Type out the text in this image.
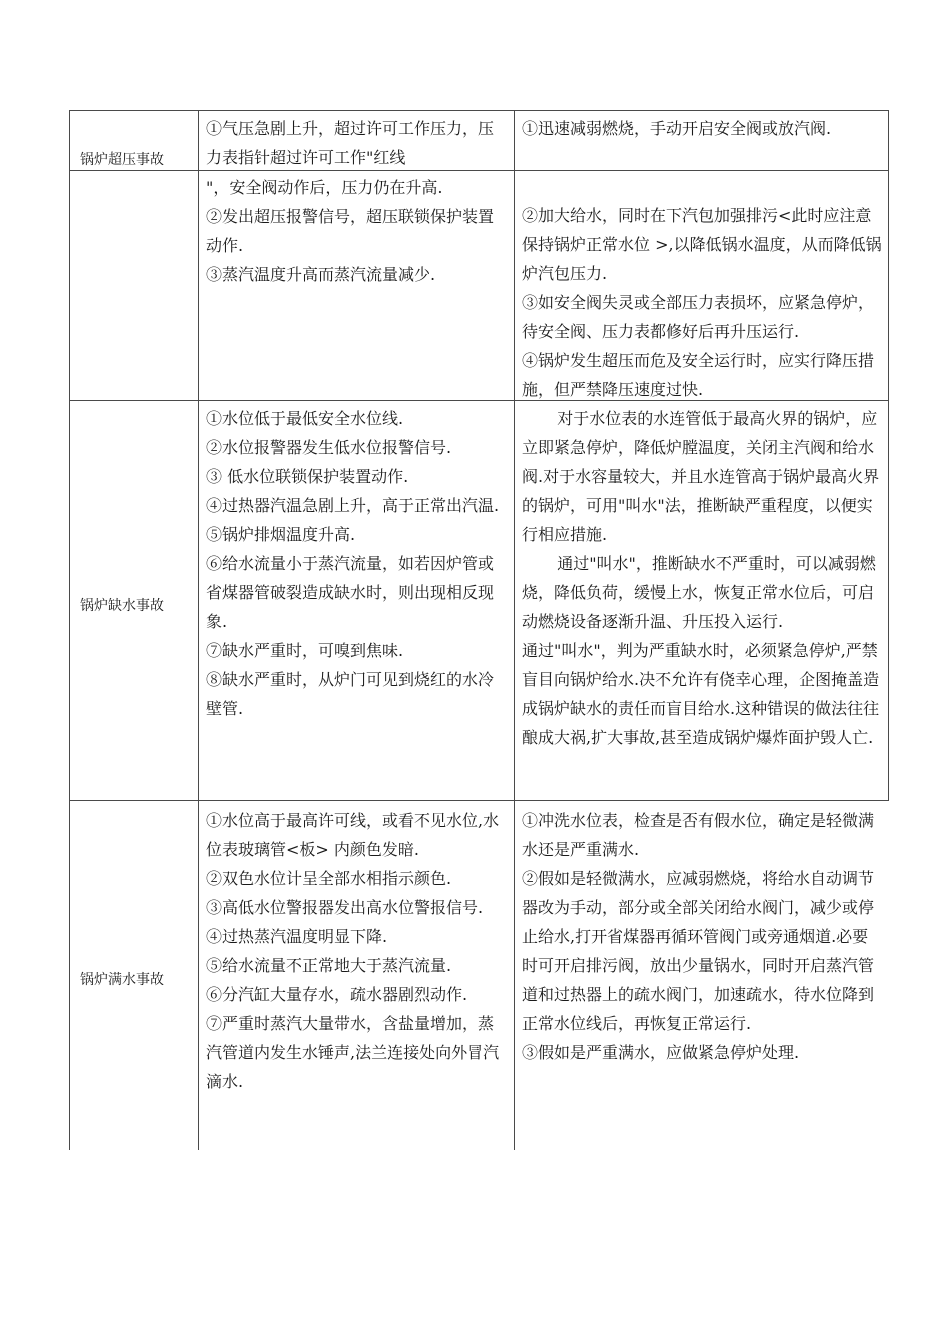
锅炉超压事故

①气压急剧上升，超过许可工作压力，压力表指针超过许可工作"红线

①迅速减弱燃烧，手动开启安全阀或放汽阀.

"，安全阀动作后，压力仍在升高.

②发出超压报警信号，超压联锁保护装置动作.

③蒸汽温度升高而蒸汽流量减少.

②加大给水，同时在下汽包加强排污<此时应注意保持锅炉正常水位 >,以降低锅水温度，从而降低锅炉汽包压力.

③如安全阀失灵或全部压力表损坏，应紧急停炉，待安全阀、压力表都修好后再升压运行.

④锅炉发生超压而危及安全运行时，应实行降压措施，但严禁降压速度过快.

锅炉缺水事故

①水位低于最低安全水位线.

②水位报警器发生低水位报警信号.

③ 低水位联锁保护装置动作.

④过热器汽温急剧上升，高于正常出汽温.

⑤锅炉排烟温度升高.

⑥给水流量小于蒸汽流量，如若因炉管或省煤器管破裂造成缺水时，则出现相反现象.

⑦缺水严重时，可嗅到焦味.

⑧缺水严重时，从炉门可见到烧红的水冷壁管.

对于水位表的水连管低于最高火界的锅炉，应立即紧急停炉，降低炉膛温度，关闭主汽阀和给水阀.对于水容量较大，并且水连管高于锅炉最高火界的锅炉，可用"叫水"法，推断缺严重程度，以便实行相应措施.

通过"叫水"，推断缺水不严重时，可以减弱燃烧，降低负荷，缓慢上水，恢复正常水位后，可启动燃烧设备逐渐升温、升压投入运行.

通过"叫水"，判为严重缺水时，必须紧急停炉,严禁盲目向锅炉给水.决不允许有侥幸心理，企图掩盖造成锅炉缺水的责任而盲目给水.这种错误的做法往往酿成大祸,扩大事故,甚至造成锅炉爆炸面护毁人亡.

锅炉满水事故

①水位高于最高许可线，或看不见水位,水位表玻璃管<板> 内颜色发暗.

②双色水位计呈全部水相指示颜色.

③高低水位警报器发出高水位警报信号.

④过热蒸汽温度明显下降.

⑤给水流量不正常地大于蒸汽流量.

⑥分汽缸大量存水，疏水器剧烈动作.

⑦严重时蒸汽大量带水，含盐量增加，蒸汽管道内发生水锤声,法兰连接处向外冒汽滴水.

①冲洗水位表，检查是否有假水位，确定是轻微满水还是严重满水.

②假如是轻微满水，应减弱燃烧，将给水自动调节器改为手动，部分或全部关闭给水阀门，减少或停止给水,打开省煤器再循环管阀门或旁通烟道.必要时可开启排污阀，放出少量锅水，同时开启蒸汽管道和过热器上的疏水阀门，加速疏水，待水位降到正常水位线后，再恢复正常运行.

③假如是严重满水，应做紧急停炉处理.
